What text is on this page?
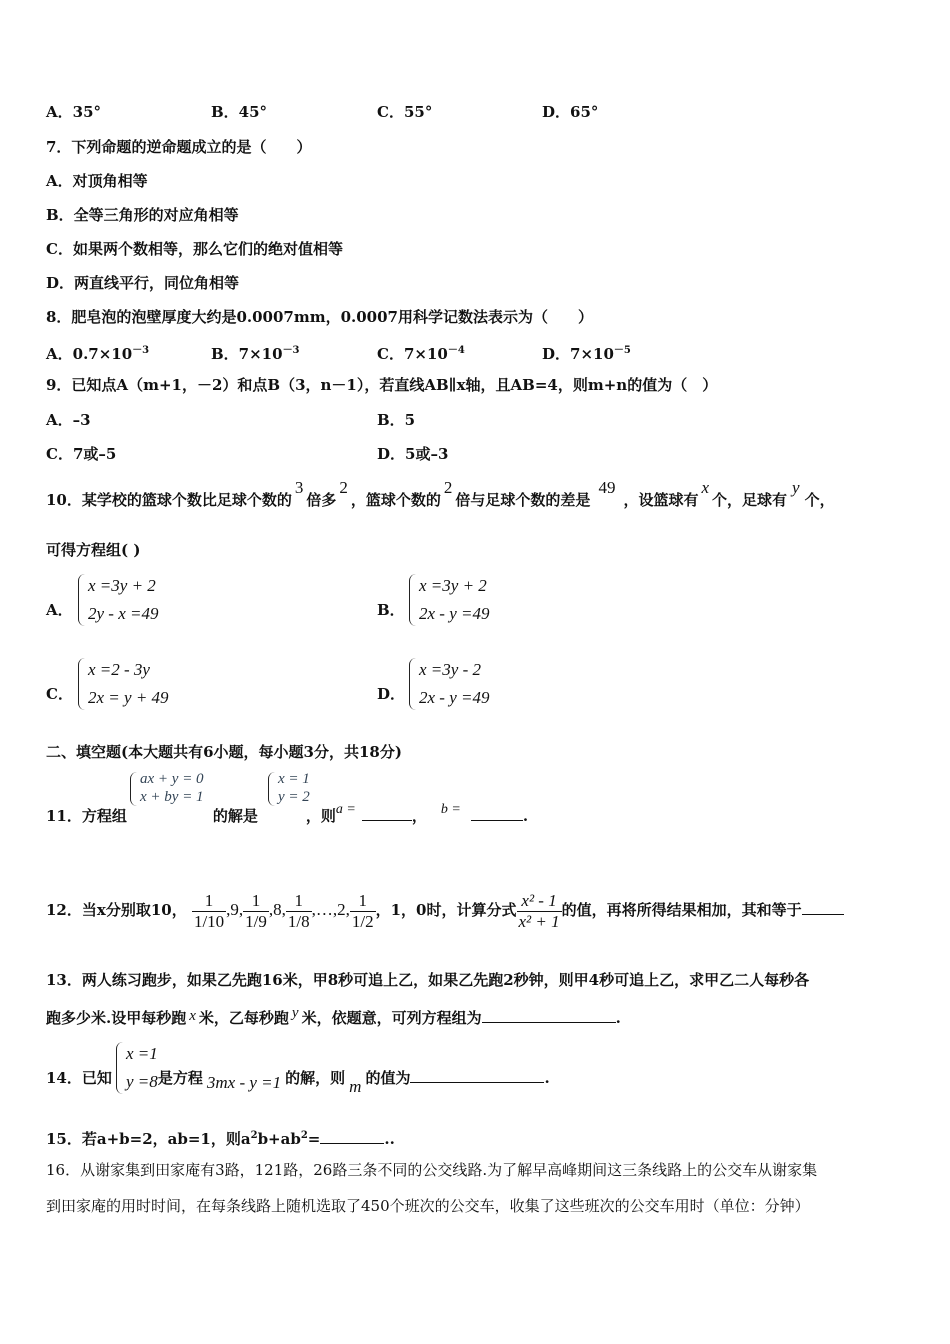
A．35°	B．45°	C．55°	D．65°
7．下列命题的逆命题成立的是（　　）
A．对顶角相等
B．全等三角形的对应角相等
C．如果两个数相等，那么它们的绝对值相等
D．两直线平行，同位角相等
8．肥皂泡的泡壁厚度大约是0.0007mm，0.0007用科学记数法表示为（　　）
A．$0.7\times 10^{-3}$	B．$7\times 10^{-3}$	C．$7\times 10^{-4}$	D．$7\times 10^{-5}$
9．已知点A（m+1，－2）和点B（3，n－1），若直线AB∥x轴，且AB=4，则m+n的值为（　）
A．–3	B．5
C．7或–5	D．5或–3
10．某学校的篮球个数比足球个数的3倍多2，篮球个数的2倍与足球个数的差是49，设篮球有x个，足球有y个，
可得方程组( )
A．
x =3y + 2
2y - x =49	B．
x =3y + 2
2x - y =49
C．
x =2 - 3y
2x = y + 49	D．
x =3y - 2
2x - y =49
二、填空题(本大题共有6小题，每小题3分，共18分)
ax + y = 0
x + by = 1
x = 1
y = 2
11．方程组	的解是	，则a =	， b =	.
12．当x分别取10， $\frac{1}{1/10} ,9$, $\frac{1}{1/9} ,8$, $\frac{1}{1/8}$ ,…,2, $\frac{1}{1/2}$ ，1，0时，计算分式 $\frac{\text{x² - 1}}{\text{x² + 1}}$ 的值，再将所得结果相加，其和等于
13．两人练习跑步，如果乙先跑16米，甲8秒可追上乙，如果乙先跑2秒钟，则甲4秒可追上乙，求甲乙二人每秒各
跑多少米.设甲每秒跑 x 米，乙每秒跑 y 米，依题意，可列方程组为	.
x =1
y =8
14．已知	是方程 3mx - y =1 的解，则 m 的值为	.
15．若a+b=2，ab=1，则$a^2b+ab^2=$	..
16．从谢家集到田家庵有3路，121路，26路三条不同的公交线路.为了解早高峰期间这三条线路上的公交车从谢家集
到田家庵的用时时间，在每条线路上随机选取了450个班次的公交车，收集了这些班次的公交车用时（单位：分钟）
